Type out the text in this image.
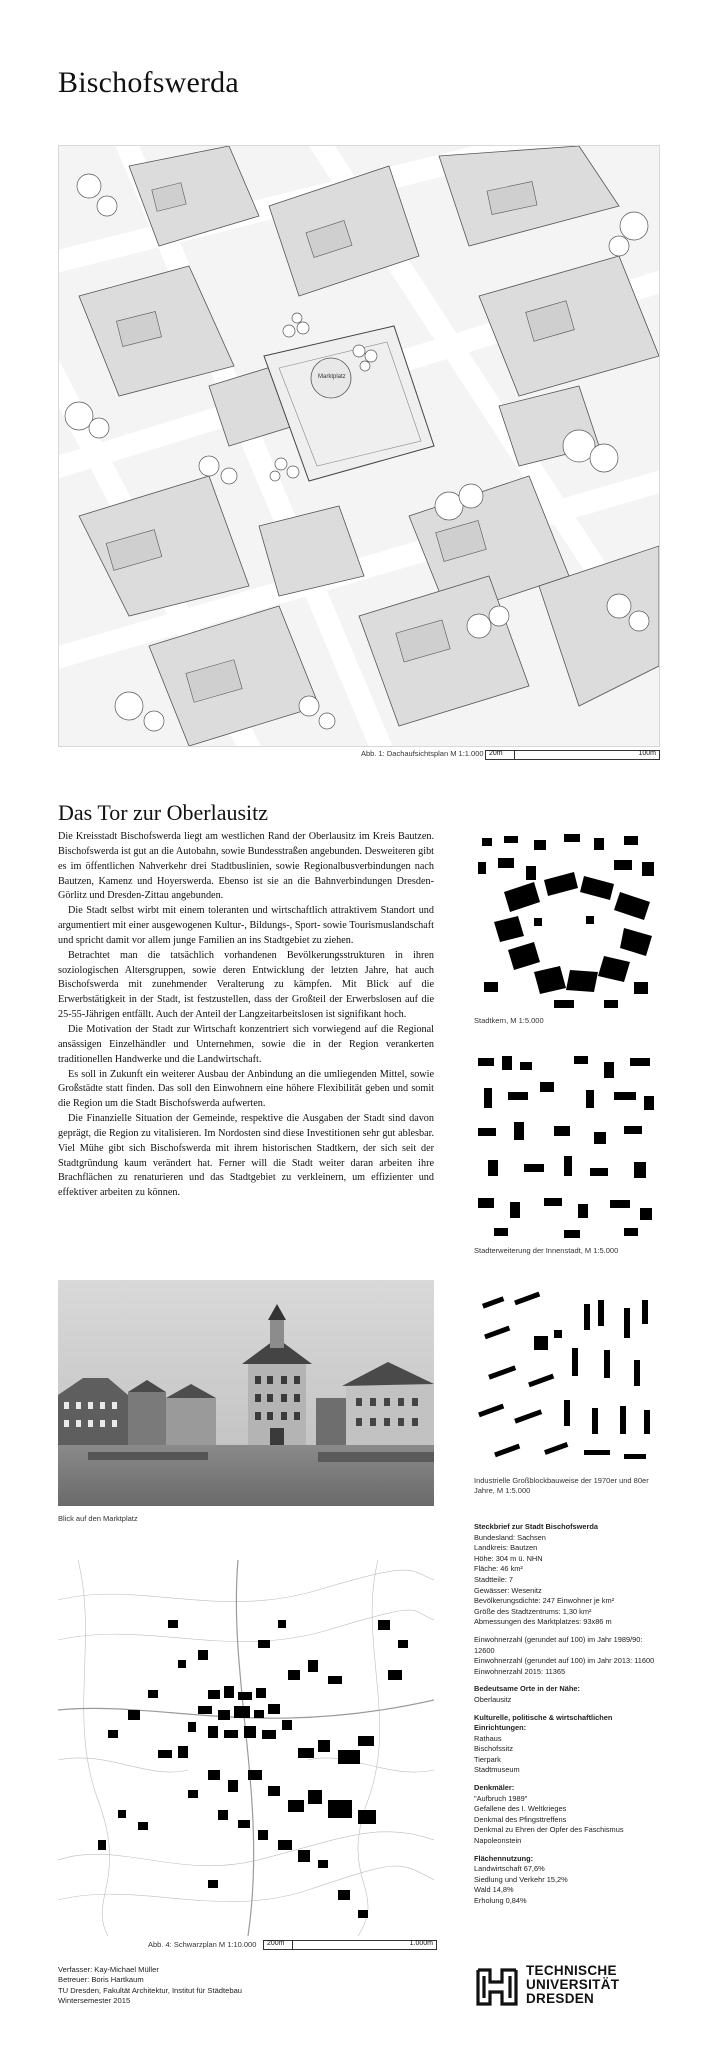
Bischofswerda
Marktplatz
Abb. 1: Dachaufsichtsplan M 1:1.000 20m	100m
Das Tor zur Oberlausitz

Die Kreisstadt Bischofswerda liegt am westlichen Rand der Oberlausitz im Kreis Bautzen. Bischofswerda ist gut an die Autobahn, sowie Bundesstraßen angebunden. Desweiteren gibt es im öffentlichen Nahverkehr drei Stadtbuslinien, sowie Regionalbusverbindungen nach Bautzen, Kamenz und Hoyerswerda. Ebenso ist sie an die Bahnverbindungen Dresden-Görlitz und Dresden-Zittau angebunden.

Die Stadt selbst wirbt mit einem toleranten und wirtschaftlich attraktivem Standort und argumentiert mit einer ausgewogenen Kultur-, Bildungs-, Sport- sowie Tourismuslandschaft und spricht damit vor allem junge Familien an ins Stadtgebiet zu ziehen.

Betrachtet man die tatsächlich vorhandenen Bevölkerungsstrukturen in ihren soziologischen Altersgruppen, sowie deren Entwicklung der letzten Jahre, hat auch Bischofswerda mit zunehmender Veralterung zu kämpfen. Mit Blick auf die Erwerbstätigkeit in der Stadt, ist festzustellen, dass der Großteil der Erwerbslosen auf die 25-55-Jährigen entfällt. Auch der Anteil der Langzeitarbeitslosen ist signifikant hoch.

Die Motivation der Stadt zur Wirtschaft konzentriert sich vorwiegend auf die Regional ansässigen Einzelhändler und Unternehmen, sowie die in der Region verankerten traditionellen Handwerke und die Landwirtschaft.

Es soll in Zukunft ein weiterer Ausbau der Anbindung an die umliegenden Mittel, sowie Großstädte statt finden. Das soll den Einwohnern eine höhere Flexibilität geben und somit die Region um die Stadt Bischofswerda aufwerten.

Die Finanzielle Situation der Gemeinde, respektive die Ausgaben der Stadt sind davon geprägt, die Region zu vitalisieren. Im Nordosten sind diese Investitionen sehr gut ablesbar. Viel Mühe gibt sich Bischofswerda mit ihrem historischen Stadtkern, der sich seit der Stadtgründung kaum verändert hat. Ferner will die Stadt weiter daran arbeiten ihre Brachflächen zu renaturieren und das Stadtgebiet zu verkleinern, um effizienter und effektiver arbeiten zu können.

Stadtkern, M 1:5.000
Stadterweiterung der Innenstadt, M 1:5.000
Industrielle Großblockbauweise der 1970er und 80er Jahre, M 1:5.000
Blick auf den Marktplatz
Steckbrief zur Stadt Bischofswerda
Bundesland: Sachsen
Landkreis: Bautzen
Höhe: 304 m ü. NHN
Fläche: 46 km²
Stadtteile: 7
Gewässer: Wesenitz
Bevölkerungsdichte: 247 Einwohner je km²
Größe des Stadtzentrums: 1,30 km²
Abmessungen des Marktplatzes: 93x86 m
Einwohnerzahl (gerundet auf 100) im Jahr 1989/90: 12600
Einwohnerzahl (gerundet auf 100) im Jahr 2013: 11600
Einwohnerzahl 2015: 11365
Bedeutsame Orte in der Nähe:
Oberlausitz
Kulturelle, politische & wirtschaftlichen Einrichtungen:
Rathaus
Bischofssitz
Tierpark
Stadtmuseum
Denkmäler:
"Aufbruch 1989"
Gefallene des I. Weltkrieges
Denkmal des Pfingsttreffens
Denkmal zu Ehren der Opfer des Faschismus
Napoleonstein
Flächennutzung:
Landwirtschaft 67,6%
Siedlung und Verkehr 15,2%
Wald 14,8%
Erholung 0,84%
Abb. 4: Schwarzplan M 1:10.000 200m	1.000m
Verfasser: Kay-Michael Müller
Betreuer: Boris Hartkaum
TU Dresden, Fakultät Architektur, Institut für Städtebau
Wintersemester 2015
TECHNISCHE
UNIVERSITÄT
DRESDEN
